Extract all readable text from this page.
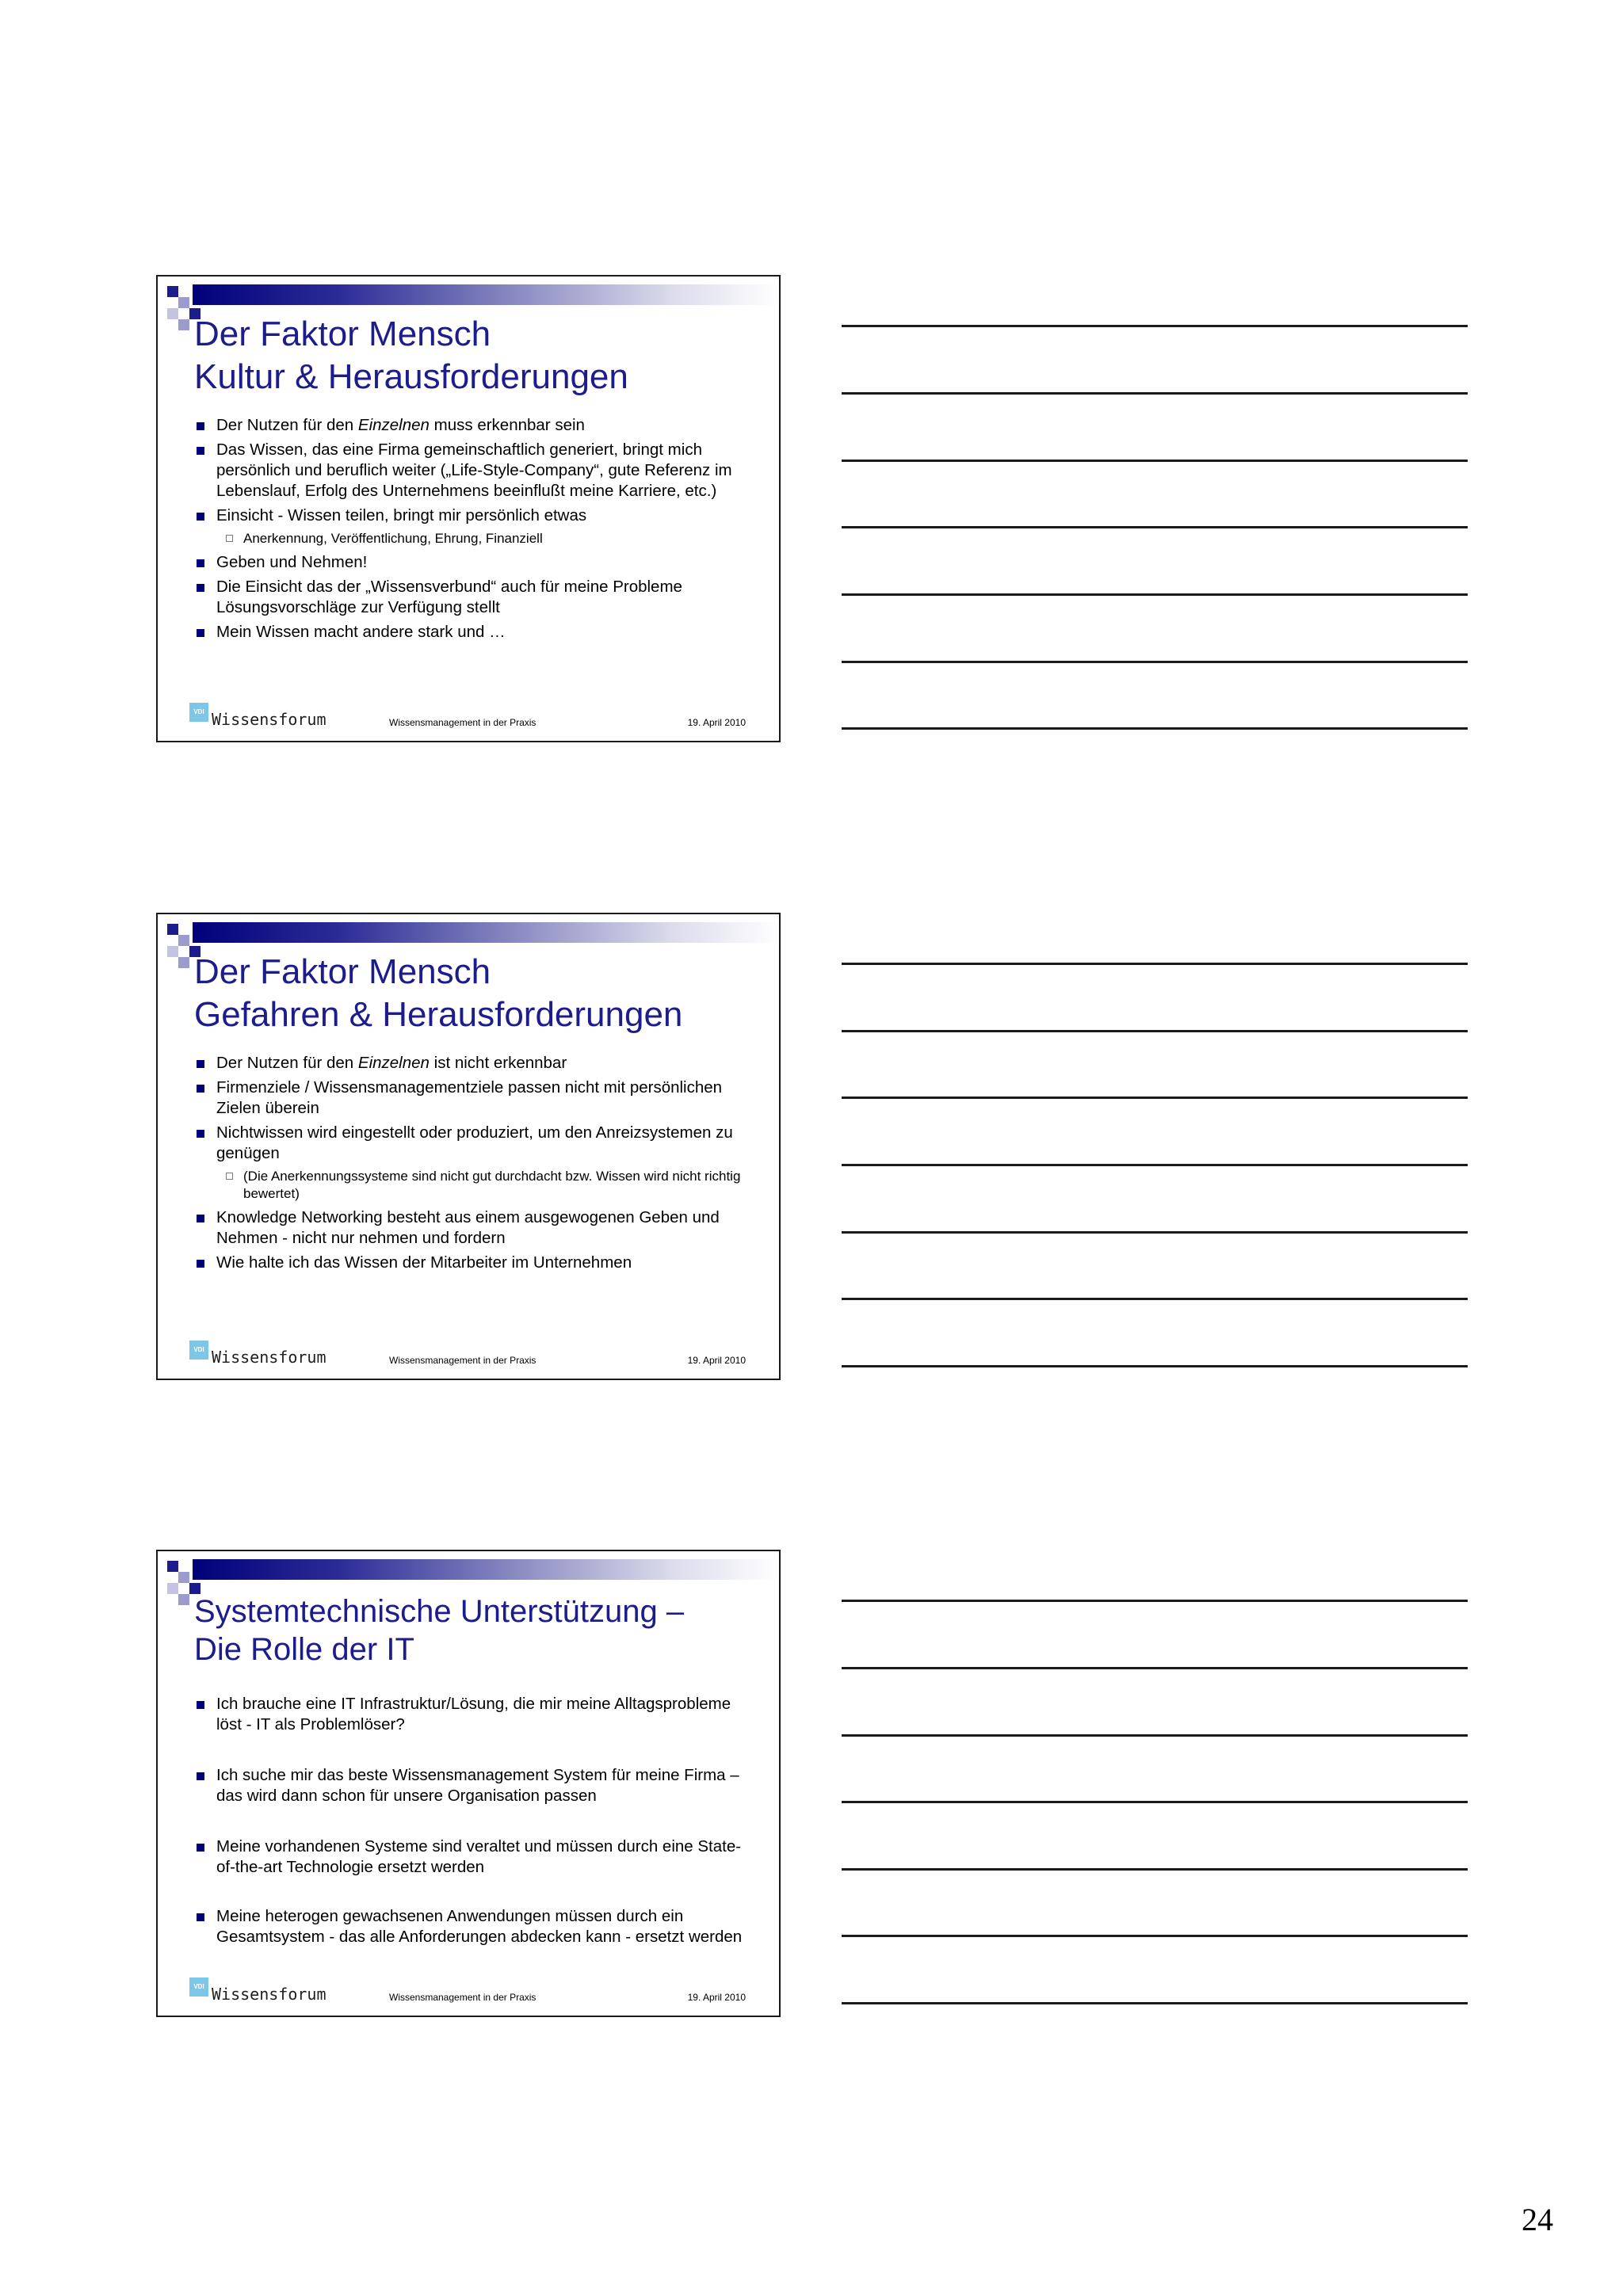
Der Faktor Mensch
Kultur & Herausforderungen
Der Nutzen für den Einzelnen muss erkennbar sein
Das Wissen, das eine Firma gemeinschaftlich generiert, bringt mich persönlich und beruflich weiter („Life-Style-Company“, gute Referenz im Lebenslauf, Erfolg des Unternehmens beeinflußt meine Karriere, etc.)
Einsicht - Wissen teilen, bringt mir persönlich etwas
Anerkennung, Veröffentlichung, Ehrung, Finanziell
Geben und Nehmen!
Die Einsicht das der „Wissensverbund“ auch für meine Probleme Lösungsvorschläge zur Verfügung stellt
Mein Wissen macht andere stark und …
VDI Wissensforum	Wissensmanagement in der Praxis	19. April 2010
Der Faktor Mensch
Gefahren & Herausforderungen
Der Nutzen für den Einzelnen ist nicht erkennbar
Firmenziele / Wissensmanagementziele passen nicht mit persönlichen Zielen überein
Nichtwissen wird eingestellt oder produziert, um den Anreizsystemen zu genügen
(Die Anerkennungssysteme sind nicht gut durchdacht bzw. Wissen wird nicht richtig bewertet)
Knowledge Networking besteht aus einem ausgewogenen Geben und Nehmen - nicht nur nehmen und fordern
Wie halte ich das Wissen der Mitarbeiter im Unternehmen
VDI Wissensforum	Wissensmanagement in der Praxis	19. April 2010
Systemtechnische Unterstützung –
Die Rolle der IT
Ich brauche eine IT Infrastruktur/Lösung, die mir meine Alltagsprobleme löst - IT als Problemlöser?
Ich suche mir das beste Wissensmanagement System für meine Firma – das wird dann schon für unsere Organisation passen
Meine vorhandenen Systeme sind veraltet und müssen durch eine State-of-the-art Technologie ersetzt werden
Meine heterogen gewachsenen Anwendungen müssen durch ein Gesamtsystem - das alle Anforderungen abdecken kann - ersetzt werden
VDI Wissensforum	Wissensmanagement in der Praxis	19. April 2010
24
